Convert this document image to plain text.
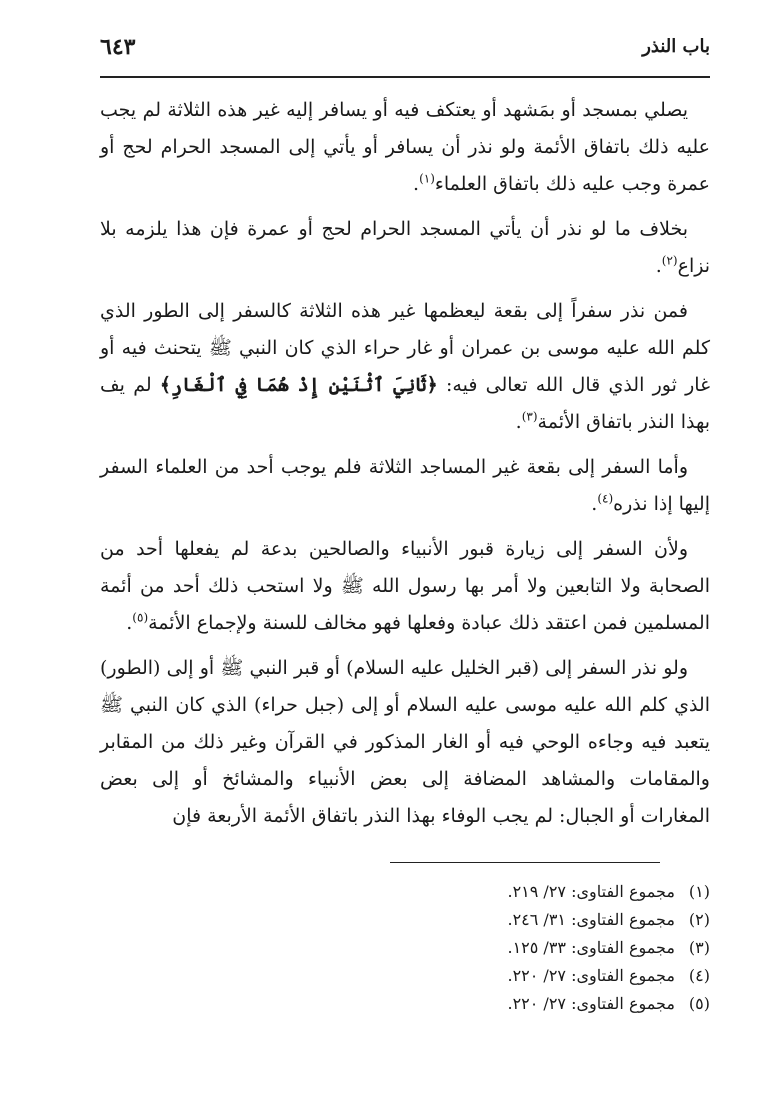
٦٤٣	باب النذر

يصلي بمسجد أو بمَشهد أو يعتكف فيه أو يسافر إليه غير هذه الثلاثة لم يجب عليه ذلك باتفاق الأئمة ولو نذر أن يسافر أو يأتي إلى المسجد الحرام لحج أو عمرة وجب عليه ذلك باتفاق العلماء$^{(١)}$.

بخلاف ما لو نذر أن يأتي المسجد الحرام لحج أو عمرة فإن هذا يلزمه بلا نزاع$^{(٢)}$.

فمن نذر سفراً إلى بقعة ليعظمها غير هذه الثلاثة كالسفر إلى الطور الذي كلم الله عليه موسى بن عمران أو غار حراء الذي كان النبي ﷺ يتحنث فيه أو غار ثور الذي قال الله تعالى فيه: ﴿ثَانِيَ ٱثْنَيْنِ إِذْ هُمَا فِي ٱلْغَارِ﴾ لم يف بهذا النذر باتفاق الأئمة$^{(٣)}$.

وأما السفر إلى بقعة غير المساجد الثلاثة فلم يوجب أحد من العلماء السفر إليها إذا نذره$^{(٤)}$.

ولأن السفر إلى زيارة قبور الأنبياء والصالحين بدعة لم يفعلها أحد من الصحابة ولا التابعين ولا أمر بها رسول الله ﷺ ولا استحب ذلك أحد من أئمة المسلمين فمن اعتقد ذلك عبادة وفعلها فهو مخالف للسنة ولإجماع الأئمة$^{(٥)}$.

ولو نذر السفر إلى (قبر الخليل عليه السلام) أو قبر النبي ﷺ أو إلى (الطور) الذي كلم الله عليه موسى عليه السلام أو إلى (جبل حراء) الذي كان النبي ﷺ يتعبد فيه وجاءه الوحي فيه أو الغار المذكور في القرآن وغير ذلك من المقابر والمقامات والمشاهد المضافة إلى بعض الأنبياء والمشائخ أو إلى بعض المغارات أو الجبال: لم يجب الوفاء بهذا النذر باتفاق الأئمة الأربعة فإن

(١) مجموع الفتاوى: ٢٧/ ٢١٩.
(٢) مجموع الفتاوى: ٣١/ ٢٤٦.
(٣) مجموع الفتاوى: ٣٣/ ١٢٥.
(٤) مجموع الفتاوى: ٢٧/ ٢٢٠.
(٥) مجموع الفتاوى: ٢٧/ ٢٢٠.
